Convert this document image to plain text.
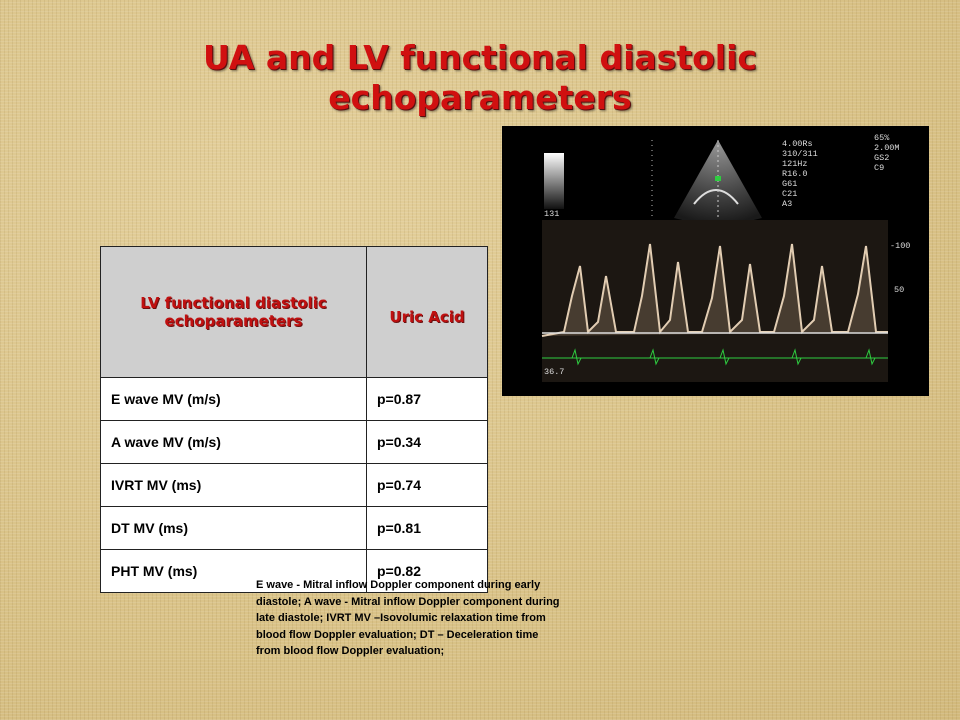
UA and LV functional diastolic
echoparameters
LV functional diastolic
echoparameters	Uric Acid
E wave MV (m/s)	p=0.87
A wave MV (m/s)	p=0.34
IVRT MV (ms)	p=0.74
DT MV (ms)	p=0.81
PHT MV (ms)	p=0.82
4.00Rs
310/311
121Hz
R16.0
G61
C21
A3
65%
2.00M
GS2
C9
131
-100
50
36.7
E wave - Mitral inflow Doppler component during early
diastole; A wave - Mitral inflow Doppler component during
late diastole; IVRT MV –Isovolumic relaxation time from
blood flow Doppler evaluation; DT – Deceleration time
from blood flow Doppler evaluation;
